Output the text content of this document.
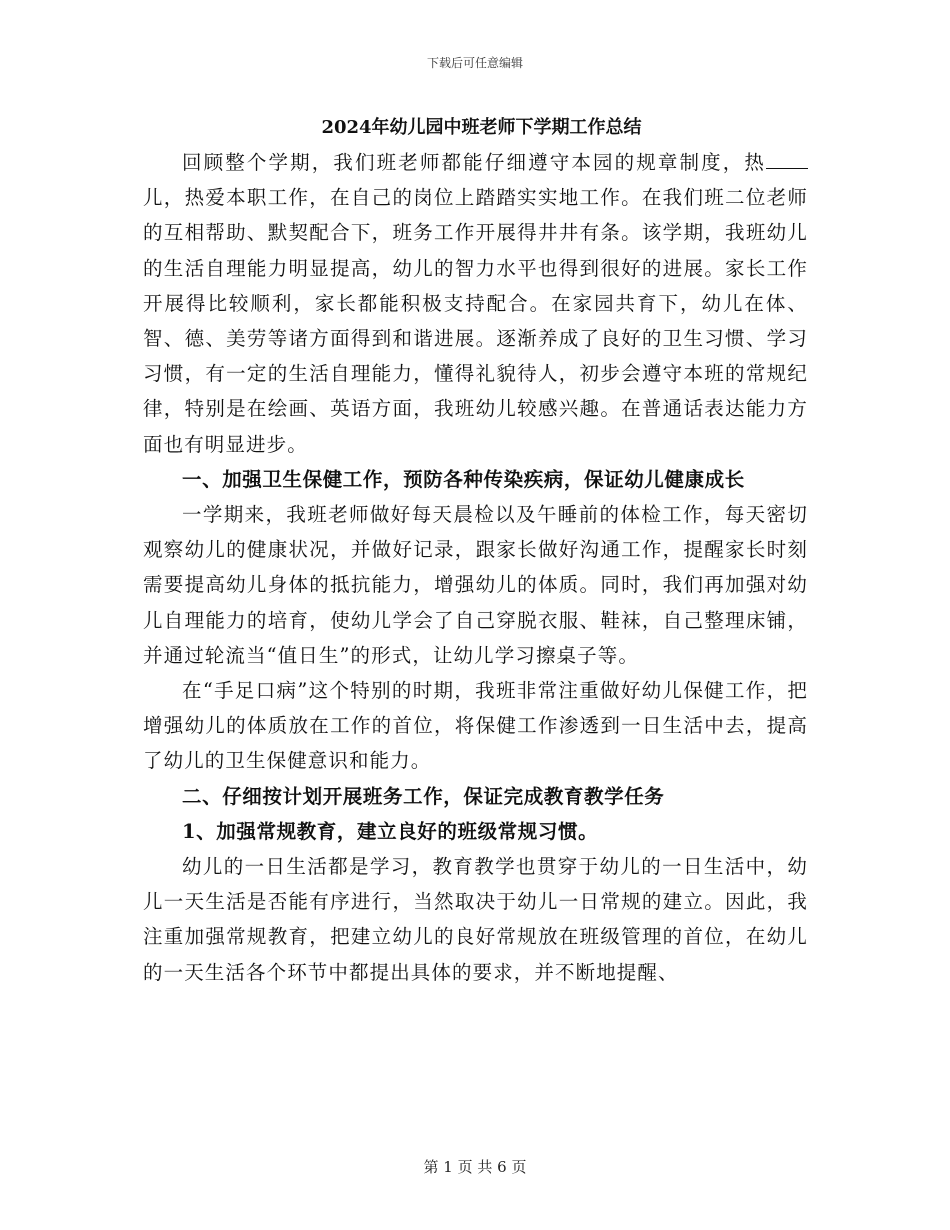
下载后可任意编辑
2024年幼儿园中班老师下学期工作总结

回顾整个学期，我们班老师都能仔细遵守本园的规章制度，热儿，热爱本职工作，在自己的岗位上踏踏实实地工作。在我们班二位老师的互相帮助、默契配合下，班务工作开展得井井有条。该学期，我班幼儿的生活自理能力明显提高，幼儿的智力水平也得到很好的进展。家长工作开展得比较顺利，家长都能积极支持配合。在家园共育下，幼儿在体、智、德、美劳等诸方面得到和谐进展。逐渐养成了良好的卫生习惯、学习习惯，有一定的生活自理能力，懂得礼貌待人，初步会遵守本班的常规纪律，特别是在绘画、英语方面，我班幼儿较感兴趣。在普通话表达能力方面也有明显进步。

一、加强卫生保健工作，预防各种传染疾病，保证幼儿健康成长

一学期来，我班老师做好每天晨检以及午睡前的体检工作，每天密切观察幼儿的健康状况，并做好记录，跟家长做好沟通工作，提醒家长时刻需要提高幼儿身体的抵抗能力，增强幼儿的体质。同时，我们再加强对幼儿自理能力的培育，使幼儿学会了自己穿脱衣服、鞋袜，自己整理床铺，并通过轮流当“值日生”的形式，让幼儿学习擦桌子等。

在“手足口病”这个特别的时期，我班非常注重做好幼儿保健工作，把增强幼儿的体质放在工作的首位，将保健工作渗透到一日生活中去，提高了幼儿的卫生保健意识和能力。

二、仔细按计划开展班务工作，保证完成教育教学任务

1、加强常规教育，建立良好的班级常规习惯。

幼儿的一日生活都是学习，教育教学也贯穿于幼儿的一日生活中，幼儿一天生活是否能有序进行，当然取决于幼儿一日常规的建立。因此，我注重加强常规教育，把建立幼儿的良好常规放在班级管理的首位，在幼儿的一天生活各个环节中都提出具体的要求，并不断地提醒、

第 1 页 共 6 页
